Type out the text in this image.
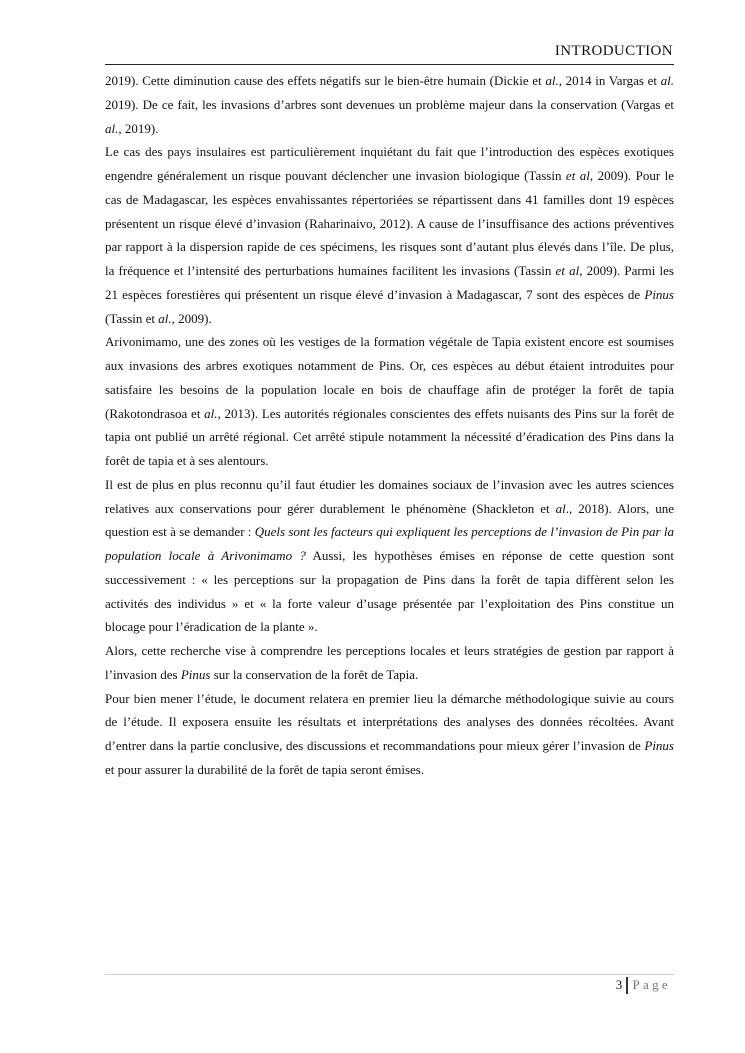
INTRODUCTION

2019). Cette diminution cause des effets négatifs sur le bien-être humain (Dickie et al., 2014 in Vargas et al. 2019). De ce fait, les invasions d’arbres sont devenues un problème majeur dans la conservation (Vargas et al., 2019).

Le cas des pays insulaires est particulièrement inquiétant du fait que l’introduction des espèces exotiques engendre généralement un risque pouvant déclencher une invasion biologique (Tassin et al, 2009). Pour le cas de Madagascar, les espèces envahissantes répertoriées se répartissent dans 41 familles dont 19 espèces présentent un risque élevé d’invasion (Raharinaivo, 2012). A cause de l’insuffisance des actions préventives par rapport à la dispersion rapide de ces spécimens, les risques sont d’autant plus élevés dans l’île. De plus, la fréquence et l’intensité des perturbations humaines facilitent les invasions (Tassin et al, 2009). Parmi les 21 espèces forestières qui présentent un risque élevé d’invasion à Madagascar, 7 sont des espèces de Pinus (Tassin et al., 2009).

Arivonimamo, une des zones où les vestiges de la formation végétale de Tapia existent encore est soumises aux invasions des arbres exotiques notamment de Pins. Or, ces espèces au début étaient introduites pour satisfaire les besoins de la population locale en bois de chauffage afin de protéger la forêt de tapia (Rakotondrasoa et al., 2013). Les autorités régionales conscientes des effets nuisants des Pins sur la forêt de tapia ont publié un arrêté régional. Cet arrêté stipule notamment la nécessité d’éradication des Pins dans la forêt de tapia et à ses alentours.

Il est de plus en plus reconnu qu’il faut étudier les domaines sociaux de l’invasion avec les autres sciences relatives aux conservations pour gérer durablement le phénomène (Shackleton et al., 2018). Alors, une question est à se demander : Quels sont les facteurs qui expliquent les perceptions de l’invasion de Pin par la population locale à Arivonimamo ? Aussi, les hypothèses émises en réponse de cette question sont successivement : « les perceptions sur la propagation de Pins dans la forêt de tapia diffèrent selon les activités des individus » et « la forte valeur d’usage présentée par l’exploitation des Pins constitue un blocage pour l’éradication de la plante ».

Alors, cette recherche vise à comprendre les perceptions locales et leurs stratégies de gestion par rapport à l’invasion des Pinus sur la conservation de la forêt de Tapia.

Pour bien mener l’étude, le document relatera en premier lieu la démarche méthodologique suivie au cours de l’étude. Il exposera ensuite les résultats et interprétations des analyses des données récoltées. Avant d’entrer dans la partie conclusive, des discussions et recommandations pour mieux gérer l’invasion de Pinus et pour assurer la durabilité de la forêt de tapia seront émises.

3 Page
